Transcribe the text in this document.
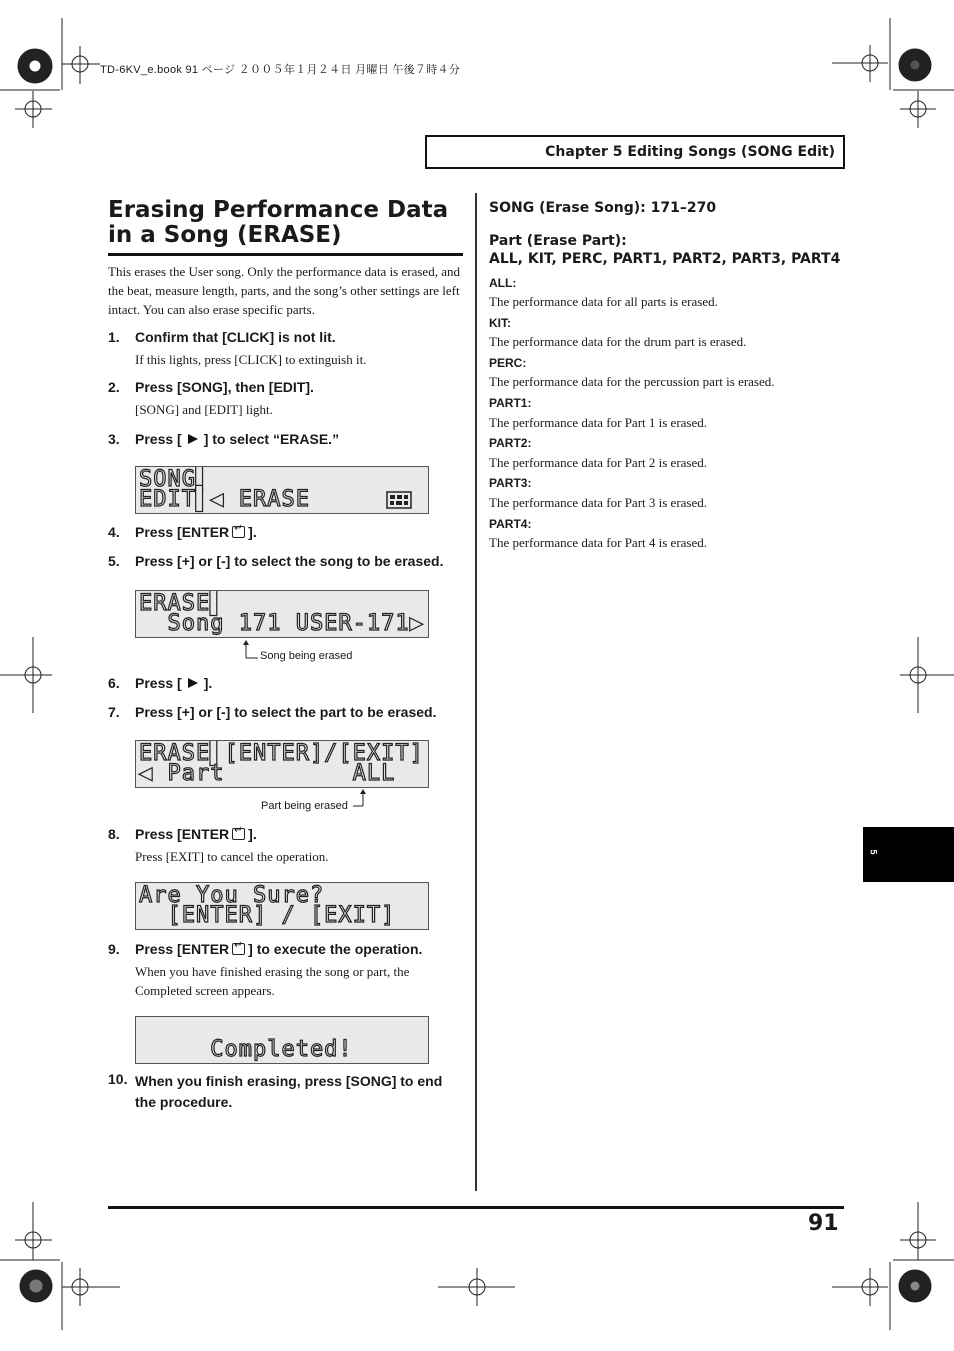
TD-6KV_e.book 91 ページ ２００５年１月２４日 月曜日 午後７時４分
Chapter 5 Editing Songs (SONG Edit)
Erasing Performance Data in a Song (ERASE)
This erases the User song. Only the performance data is erased, and the beat, measure length, parts, and the song’s other settings are left intact. You can also erase specific parts.
1. Confirm that [CLICK] is not lit.
If this lights, press [CLICK] to extinguish it.
2. Press [SONG], then [EDIT].
[SONG] and [EDIT] light.
3. Press [ ] to select “ERASE.”
SONG▌
EDIT▌◀ ERASE
4. Press [ENTER ↵ ].
5. Press [+] or [-] to select the song to be erased.
ERASE▌
Song 171 USER-171▶
Song being erased
6. Press [ ].
7. Press [+] or [-] to select the part to be erased.
ERASE▌[ENTER]/[EXIT]
◀ Part         ALL
Part being erased
8. Press [ENTER ↵ ].
Press [EXIT] to cancel the operation.
Are You Sure?
[ENTER] / [EXIT]
9. Press [ENTER ↵ ] to execute the operation.
When you have finished erasing the song or part, the Completed screen appears.
Completed!
10. When you finish erasing, press [SONG] to end the procedure.
SONG (Erase Song): 171–270
Part (Erase Part):
ALL, KIT, PERC, PART1, PART2, PART3, PART4
ALL:
The performance data for all parts is erased.
KIT:
The performance data for the drum part is erased.
PERC:
The performance data for the percussion part is erased.
PART1:
The performance data for Part 1 is erased.
PART2:
The performance data for Part 2 is erased.
PART3:
The performance data for Part 3 is erased.
PART4:
The performance data for Part 4 is erased.
5
91
